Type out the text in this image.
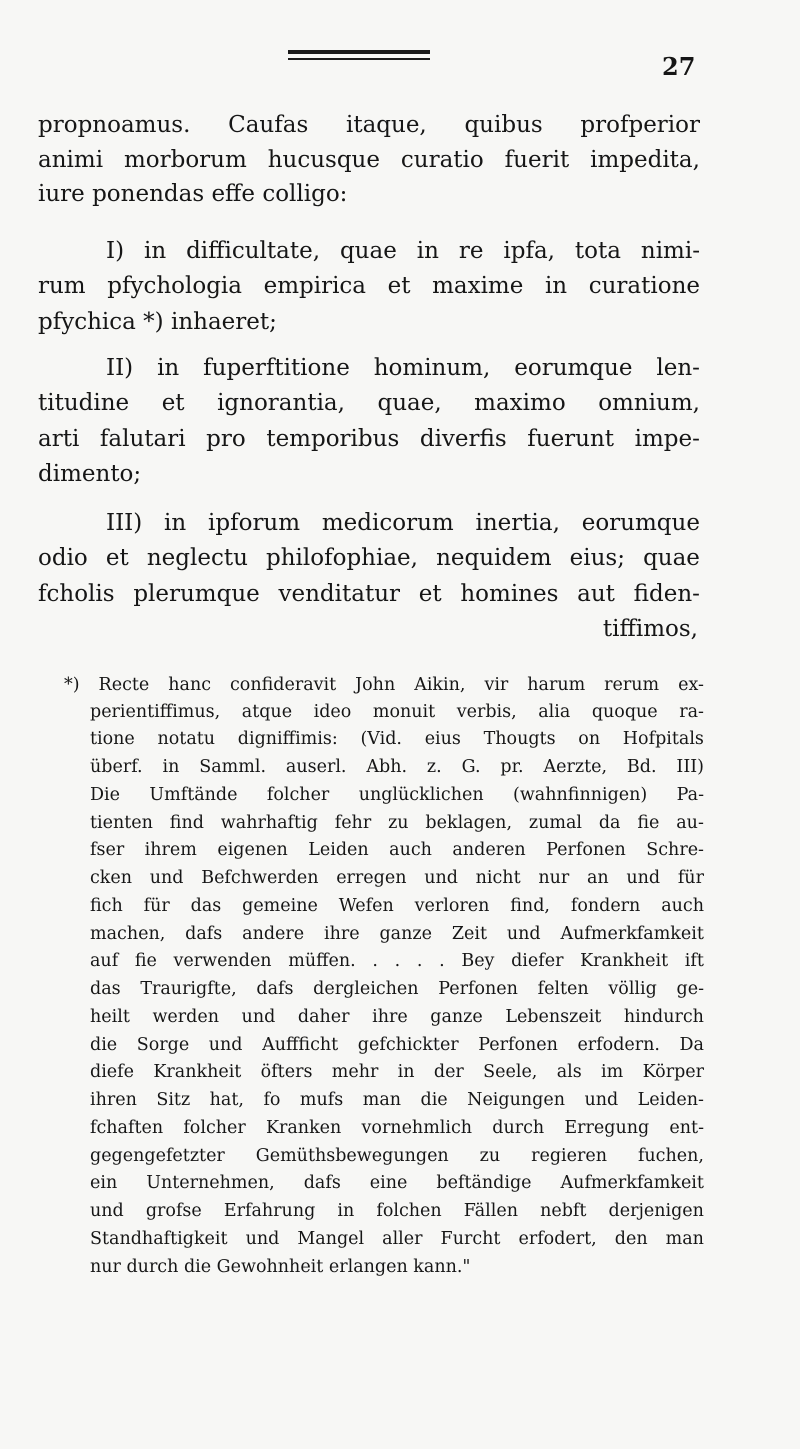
27
propnoamus. Caufas itaque, quibus profperior
animi morborum hucusque curatio fuerit impedita,
iure ponendas effe colligo:
I) in difficultate, quae in re ipfa, tota nimi-
rum pfychologia empirica et maxime in curatione
pfychica *) inhaeret;
II) in fuperftitione hominum, eorumque len-
titudine et ignorantia, quae, maximo omnium,
arti falutari pro temporibus diverfis fuerunt impe-
dimento;
III) in ipforum medicorum inertia, eorumque
odio et neglectu philofophiae, nequidem eius; quae
fcholis plerumque venditatur et homines aut fiden-
tiffimos,
*) Recte hanc confideravit John Aikin, vir harum rerum ex-
perientiffimus, atque ideo monuit verbis, alia quoque ra-
tione notatu digniffimis: (Vid. eius Thougts on Hofpitals
überf. in Samml. auserl. Abh. z. G. pr. Aerzte, Bd. III)
Die Umftände folcher unglücklichen (wahnfinnigen) Pa-
tienten find wahrhaftig fehr zu beklagen, zumal da fie au-
fser ihrem eigenen Leiden auch anderen Perfonen Schre-
cken und Befchwerden erregen und nicht nur an und für
fich für das gemeine Wefen verloren find, fondern auch
machen, dafs andere ihre ganze Zeit und Aufmerkfamkeit
auf fie verwenden müffen. . . . . Bey diefer Krankheit ift
das Traurigfte, dafs dergleichen Perfonen felten völlig ge-
heilt werden und daher ihre ganze Lebenszeit hindurch
die Sorge und Auffficht gefchickter Perfonen erfodern. Da
diefe Krankheit öfters mehr in der Seele, als im Körper
ihren Sitz hat, fo mufs man die Neigungen und Leiden-
fchaften folcher Kranken vornehmlich durch Erregung ent-
gegengefetzter Gemüthsbewegungen zu regieren fuchen,
ein Unternehmen, dafs eine beftändige Aufmerkfamkeit
und grofse Erfahrung in folchen Fällen nebft derjenigen
Standhaftigkeit und Mangel aller Furcht erfodert, den man
nur durch die Gewohnheit erlangen kann."
